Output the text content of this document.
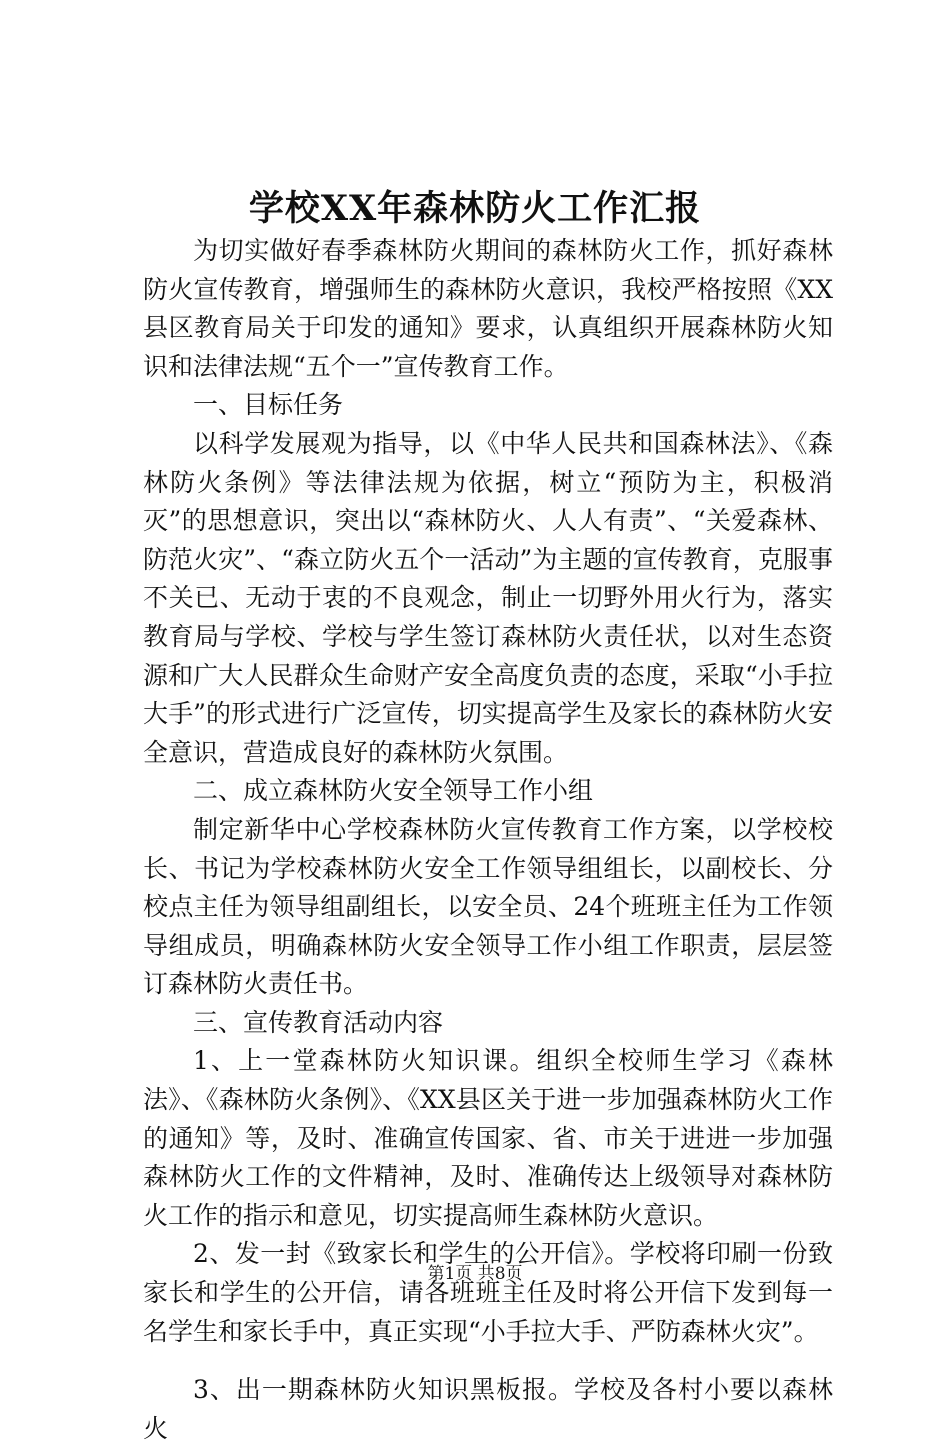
学校XX年森林防火工作汇报

为切实做好春季森林防火期间的森林防火工作，抓好森林防火宣传教育，增强师生的森林防火意识，我校严格按照《XX县区教育局关于印发的通知》要求，认真组织开展森林防火知识和法律法规“五个一”宣传教育工作。

一、目标任务

以科学发展观为指导，以《中华人民共和国森林法》、《森林防火条例》等法律法规为依据，树立“预防为主，积极消灭”的思想意识，突出以“森林防火、人人有责”、“关爱森林、防范火灾”、“森立防火五个一活动”为主题的宣传教育，克服事不关已、无动于衷的不良观念，制止一切野外用火行为，落实教育局与学校、学校与学生签订森林防火责任状，以对生态资源和广大人民群众生命财产安全高度负责的态度，采取“小手拉大手”的形式进行广泛宣传，切实提高学生及家长的森林防火安全意识，营造成良好的森林防火氛围。

二、成立森林防火安全领导工作小组

制定新华中心学校森林防火宣传教育工作方案，以学校校长、书记为学校森林防火安全工作领导组组长，以副校长、分校点主任为领导组副组长，以安全员、24个班班主任为工作领导组成员，明确森林防火安全领导工作小组工作职责，层层签订森林防火责任书。

三、宣传教育活动内容

1、上一堂森林防火知识课。组织全校师生学习《森林法》、《森林防火条例》、《XX县区关于进一步加强森林防火工作的通知》等，及时、准确宣传国家、省、市关于进进一步加强森林防火工作的文件精神，及时、准确传达上级领导对森林防火工作的指示和意见，切实提高师生森林防火意识。

2、发一封《致家长和学生的公开信》。学校将印刷一份致家长和学生的公开信，请各班班主任及时将公开信下发到每一名学生和家长手中，真正实现“小手拉大手、严防森林火灾”。

3、出一期森林防火知识黑板报。学校及各村小要以森林火

第1页 共8页
